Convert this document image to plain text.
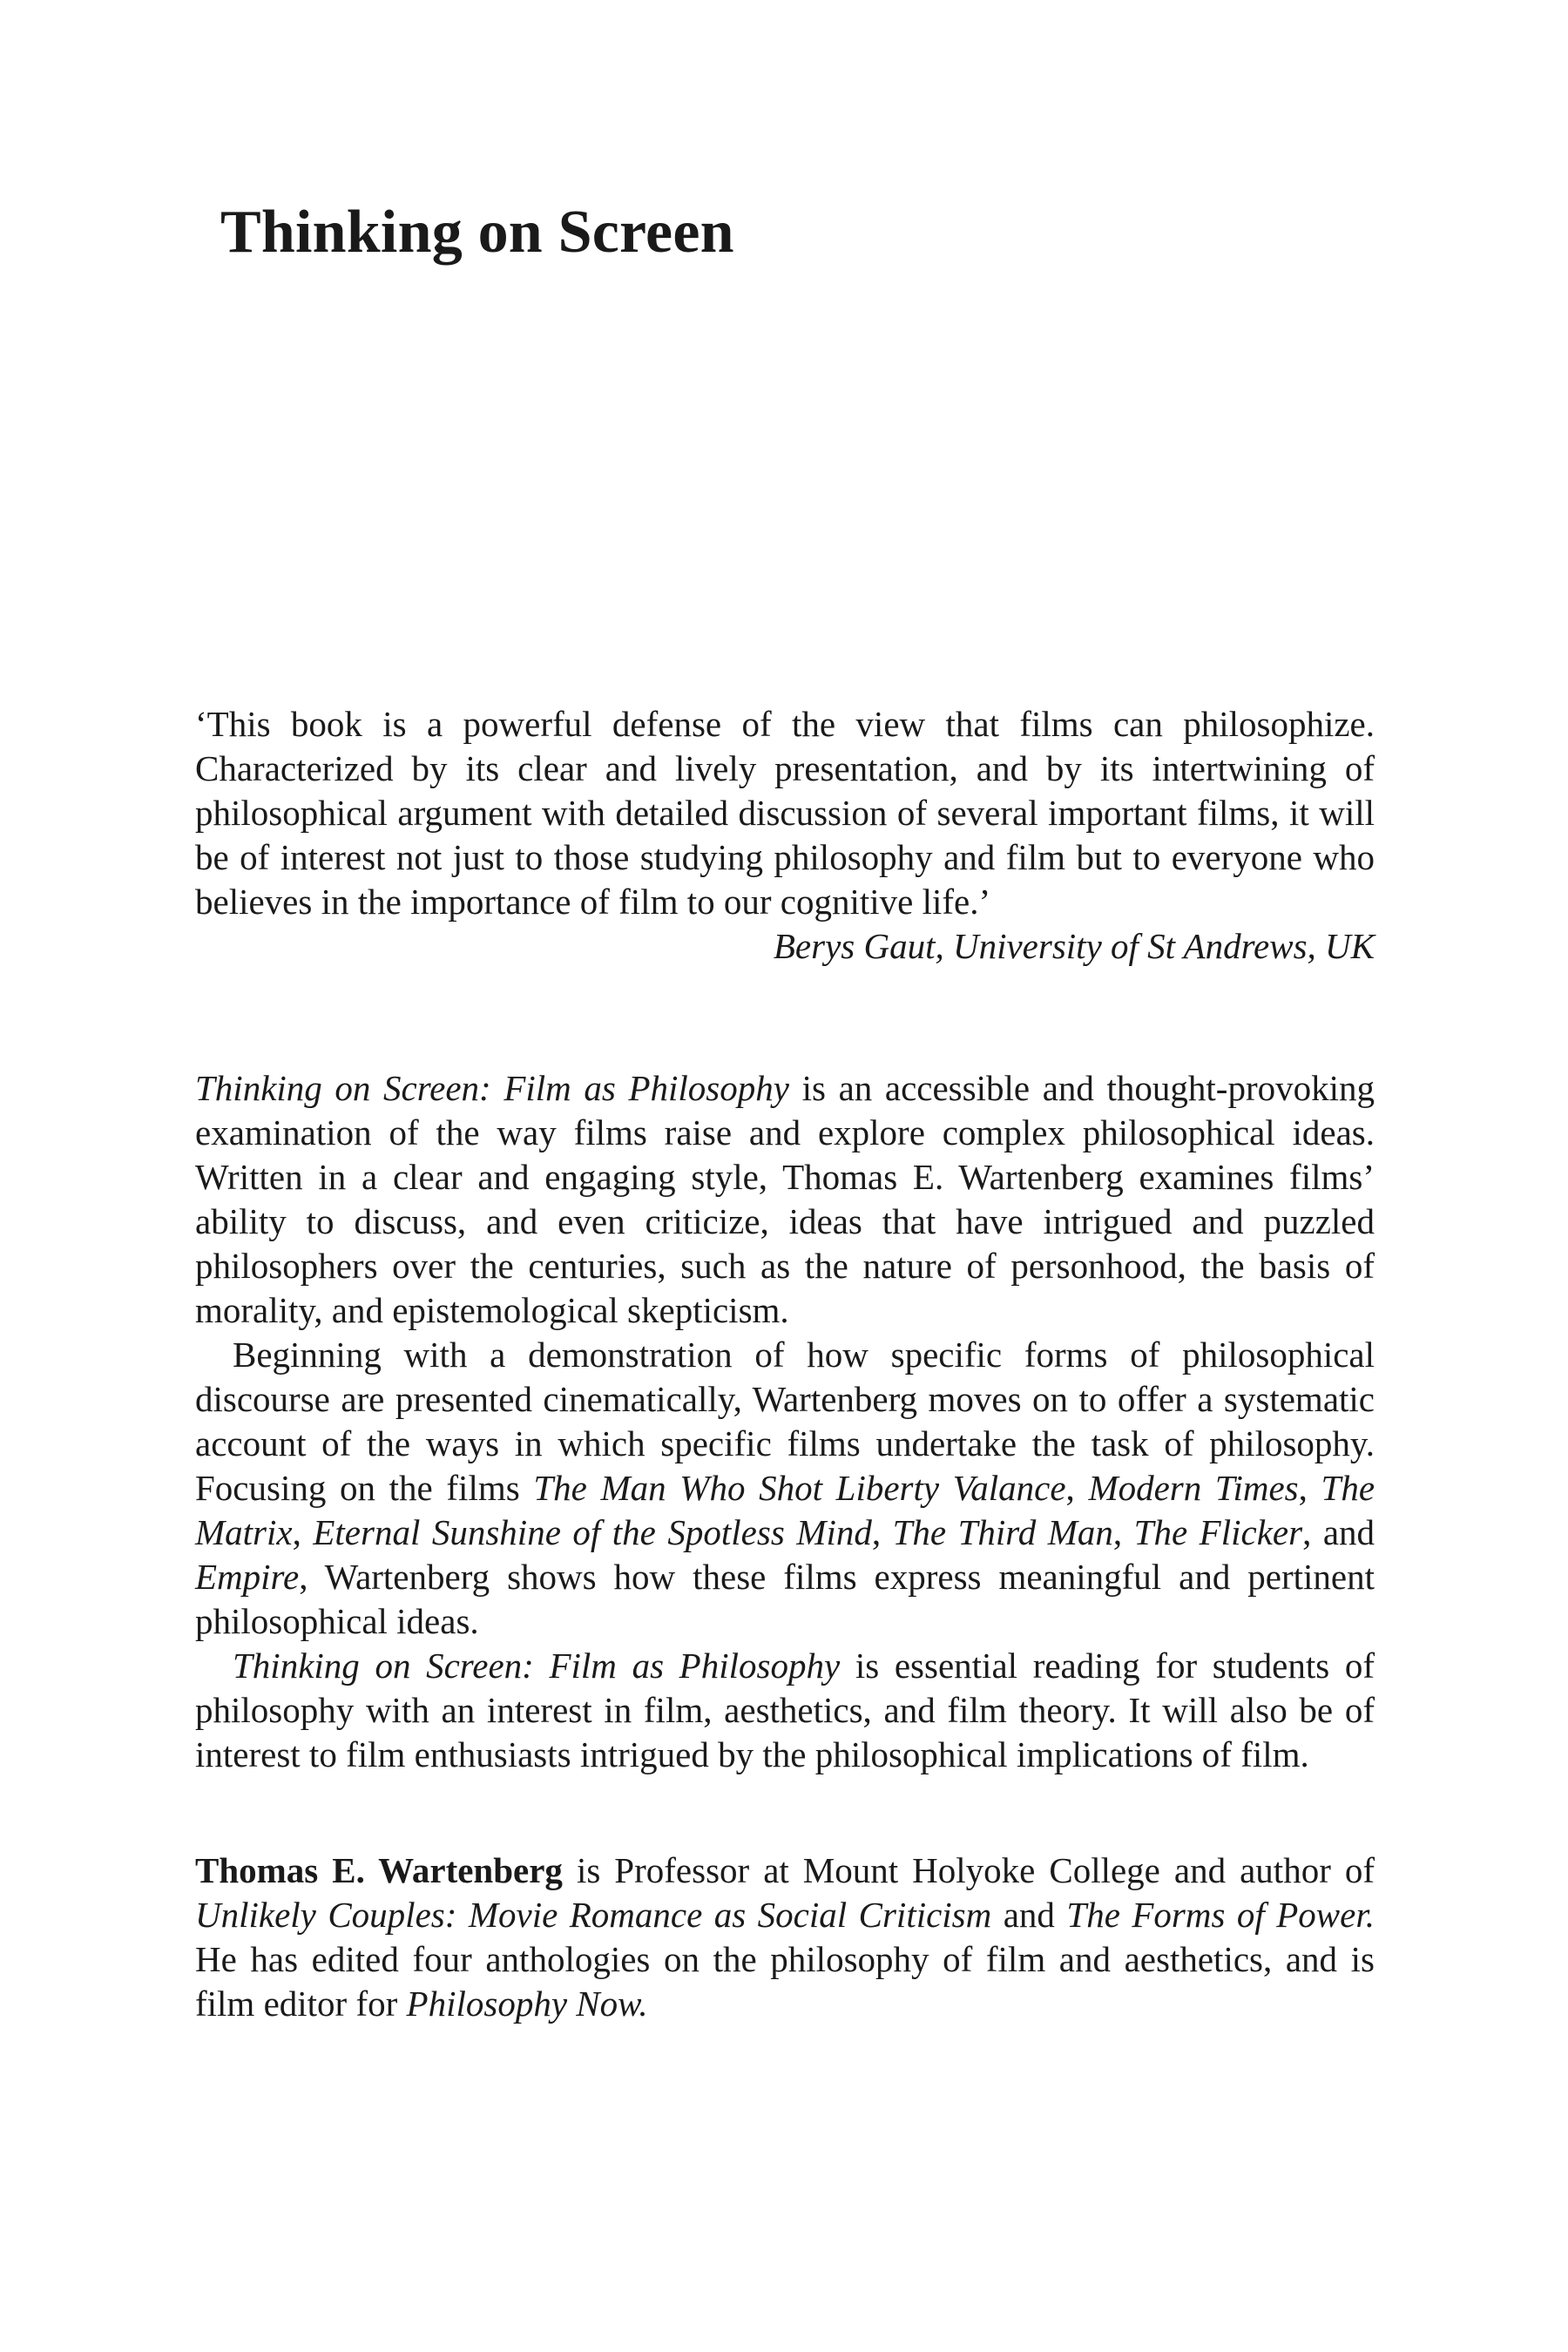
Thinking on Screen

‘This book is a powerful defense of the view that films can philosophize. Characterized by its clear and lively presentation, and by its intertwining of philosophical argument with detailed discussion of several important films, it will be of interest not just to those studying philosophy and film but to everyone who believes in the importance of film to our cognitive life.’

Berys Gaut, University of St Andrews, UK

Thinking on Screen: Film as Philosophy is an accessible and thought-provoking examination of the way films raise and explore complex philosophical ideas. Written in a clear and engaging style, Thomas E. Wartenberg examines films’ ability to discuss, and even criticize, ideas that have intrigued and puzzled philosophers over the centuries, such as the nature of personhood, the basis of morality, and epistemological skepticism.

Beginning with a demonstration of how specific forms of philosophical discourse are presented cinematically, Wartenberg moves on to offer a systematic account of the ways in which specific films undertake the task of philosophy. Focusing on the films The Man Who Shot Liberty Valance, Modern Times, The Matrix, Eternal Sunshine of the Spotless Mind, The Third Man, The Flicker, and Empire, Wartenberg shows how these films express meaningful and pertinent philosophical ideas.

Thinking on Screen: Film as Philosophy is essential reading for students of philosophy with an interest in film, aesthetics, and film theory. It will also be of interest to film enthusiasts intrigued by the philosophical implications of film.

Thomas E. Wartenberg is Professor at Mount Holyoke College and author of Unlikely Couples: Movie Romance as Social Criticism and The Forms of Power. He has edited four anthologies on the philosophy of film and aesthetics, and is film editor for Philosophy Now.
